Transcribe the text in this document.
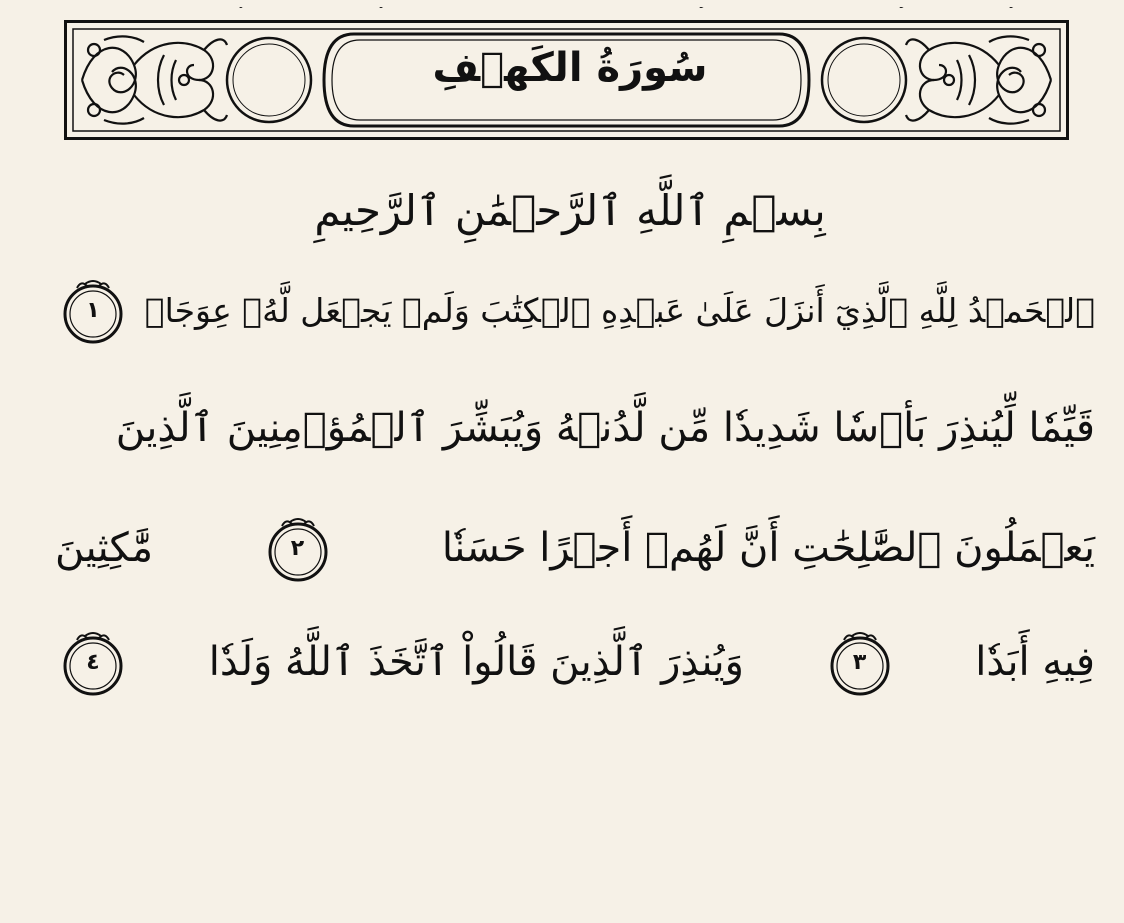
سُورَةُ الكَهۡفِ
بِسۡمِ ٱللَّهِ ٱلرَّحۡمَٰنِ ٱلرَّحِيمِ
ٱلۡحَمۡدُ لِلَّهِ ٱلَّذِيٓ أَنزَلَ عَلَىٰ عَبۡدِهِ ٱلۡكِتَٰبَ وَلَمۡ يَجۡعَل لَّهُۥ عِوَجَاۜ
١
قَيِّمٗا لِّيُنذِرَ بَأۡسٗا شَدِيدٗا مِّن لَّدُنۡهُ وَيُبَشِّرَ ٱلۡمُؤۡمِنِينَ ٱلَّذِينَ
يَعۡمَلُونَ ٱلصَّٰلِحَٰتِ أَنَّ لَهُمۡ أَجۡرًا حَسَنٗا
٢
مَّٰكِثِينَ
فِيهِ أَبَدٗا
٣
وَيُنذِرَ ٱلَّذِينَ قَالُواْ ٱتَّخَذَ ٱللَّهُ وَلَدٗا
٤
